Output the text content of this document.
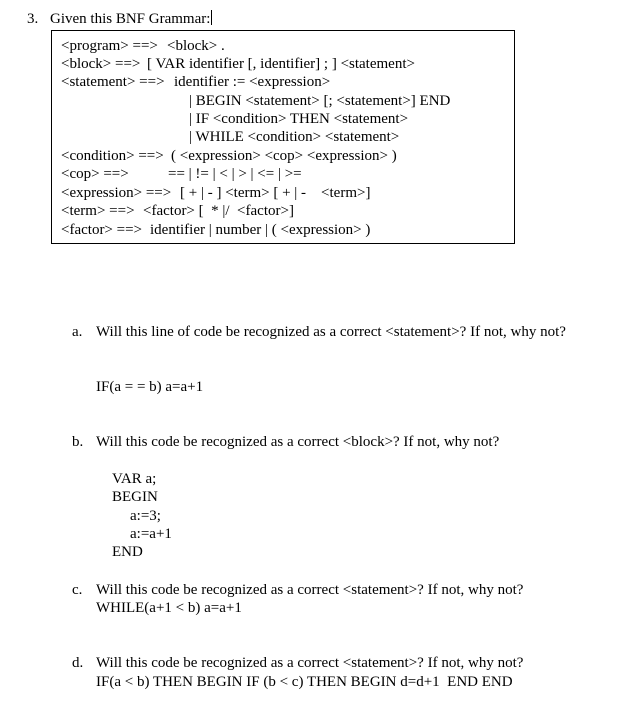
3. Given this BNF Grammar:
<program> ==> <block> .
<block> ==> [ VAR identifier [, identifier] ; ] <statement>
<statement> ==> identifier := <expression>
| BEGIN <statement> [; <statement>] END
| IF <condition> THEN <statement>
| WHILE <condition> <statement>
<condition> ==> ( <expression> <cop> <expression> )
<cop> ==>	== | != | < | > | <= | >=
<expression> ==> [ + | - ] <term> [ + | -    <term>]
<term> ==> <factor> [  * |/  <factor>]
<factor> ==> identifier | number | ( <expression> )
a. Will this line of code be recognized as a correct <statement>? If not, why not?
IF(a = = b) a=a+1
b. Will this code be recognized as a correct <block>? If not, why not?
VAR a;
BEGIN
a:=3;
a:=a+1
END
c. Will this code be recognized as a correct <statement>? If not, why not?
WHILE(a+1 < b) a=a+1
d. Will this code be recognized as a correct <statement>? If not, why not?
IF(a < b) THEN BEGIN IF (b < c) THEN BEGIN d=d+1  END END
